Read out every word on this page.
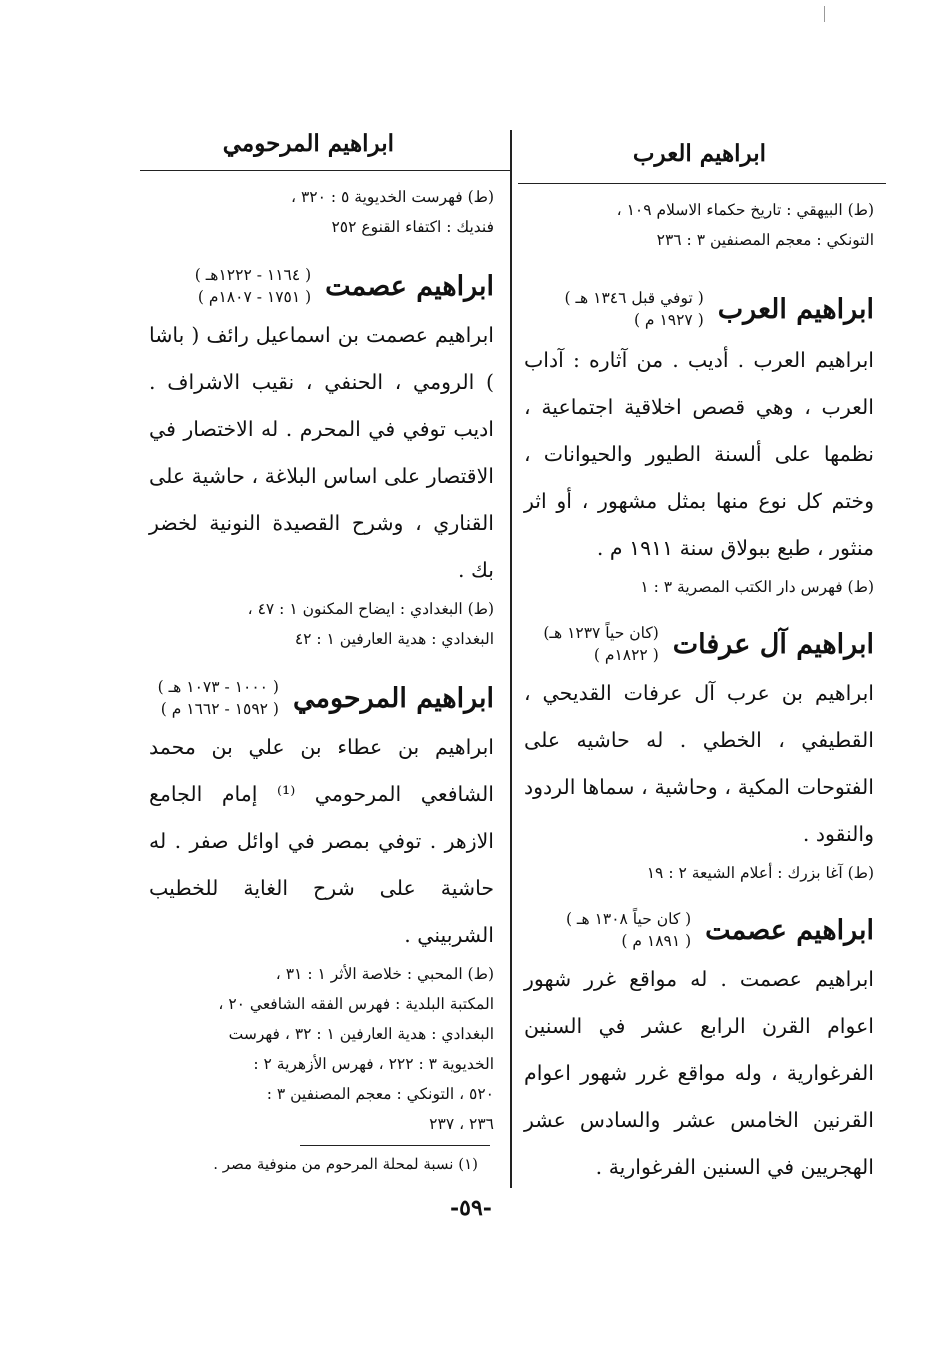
ابراهيم العرب
ابراهيم المرحومي

(ط) البيهقي : تاريخ حكماء الاسلام ١٠٩ ،

التونكي : معجم المصنفين ٣ : ٢٣٦

ابراهيم العرب
( توفي قبل ١٣٤٦ هـ )
( ١٩٢٧ م )

ابراهيم العرب . أديب . من آثاره : آداب العرب ، وهي قصص اخلاقية اجتماعية ، نظمها على ألسنة الطيور والحيوانات ، وختم كل نوع منها بمثل مشهور ، أو اثر منثور ، طبع ببولاق سنة ١٩١١ م .

(ط) فهرس دار الكتب المصرية ٣ : ١

ابراهيم آل عرفات
(كان حياً ١٢٣٧ هـ)
( ١٨٢٢م )

ابراهيم بن عرب آل عرفات القديحي ، القطيفي ، الخطي . له حاشيه على الفتوحات المكية ، وحاشية ، سماها الردود والنقود .

(ط) آغا بزرك : أعلام الشيعة ٢ : ١٩

ابراهيم عصمت
( كان حياً ١٣٠٨ هـ )
( ١٨٩١ م )

ابراهيم عصمت . له مواقع غرر شهور اعوام القرن الرابع عشر في السنين الفرغوارية ، وله مواقع غرر شهور اعوام القرنين الخامس عشر والسادس عشر الهجريين في السنين الفرغوارية .

(ط) فهرست الخديوية ٥ : ٣٢٠ ،

فنديك : اكتفاء القنوع ٢٥٢

ابراهيم عصمت
( ١١٦٤ - ١٢٢٢هـ )
( ١٧٥١ - ١٨٠٧م )

ابراهيم عصمت بن اسماعيل رائف ( باشا ) الرومي ، الحنفي ، نقيب الاشراف . اديب توفي في المحرم . له الاختصار في الاقتصار على اساس البلاغة ، حاشية على القناري ، وشرح القصيدة النونية لخضر بك .

(ط) البغدادي : ايضاح المكنون ١ : ٤٧ ،

البغدادي : هدية العارفين ١ : ٤٢

ابراهيم المرحومي
( ١٠٠٠ - ١٠٧٣ هـ )
( ١٥٩٢ - ١٦٦٢ م )

ابراهيم بن عطاء بن علي بن محمد الشافعي المرحومي ⁽¹⁾ إمام الجامع الازهر . توفي بمصر في اوائل صفر . له حاشية على شرح الغاية للخطيب الشربيني .

(ط) المحبي : خلاصة الأثر ١ : ٣١ ،

المكتبة البلدية : فهرس الفقه الشافعي ٢٠ ،

البغدادي : هدية العارفين ١ : ٣٢ ، فهرست

الخديوية ٣ : ٢٢٢ ، فهرس الأزهرية ٢ :

٥٢٠ ، التونكي : معجم المصنفين ٣ :

٢٣٦ ، ٢٣٧

(١) نسبة لمحلة المرحوم من منوفية مصر .
-٥٩-
